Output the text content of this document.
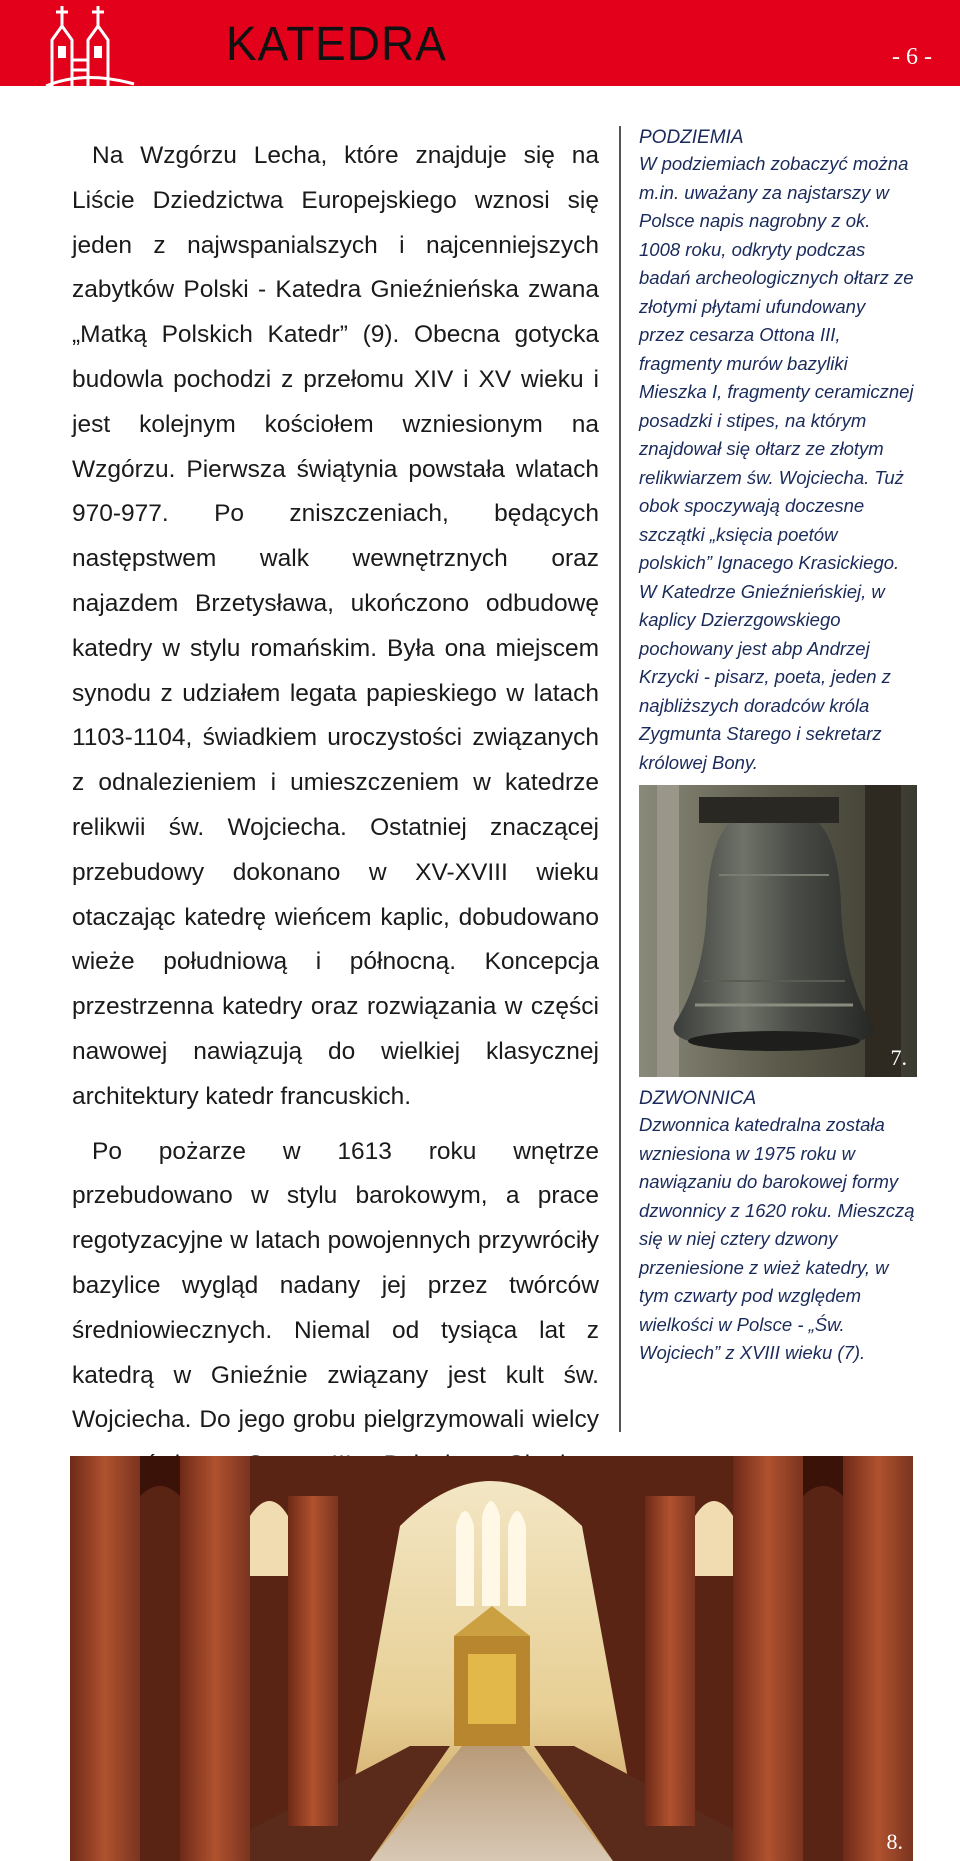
KATEDRA	- 6 -

Na Wzgórzu Lecha, które znajduje się na Liście Dziedzictwa Europejskiego wznosi się jeden z najwspanialszych i najcenniejszych zabytków Polski - Katedra Gnieźnieńska zwana „Matką Polskich Katedr” (9). Obecna gotycka budowla pochodzi z przełomu XIV i XV wieku i jest kolejnym kościołem wzniesionym na Wzgórzu. Pierwsza świątynia powstała wlatach 970-977. Po zniszczeniach, będących następstwem walk wewnętrznych oraz najazdem Brzetysława, ukończono odbudowę katedry w stylu romańskim. Była ona miejscem synodu z udziałem legata papieskiego w latach 1103-1104, świadkiem uroczystości związanych z odnalezieniem i umieszczeniem w katedrze relikwii św. Wojciecha. Ostatniej znaczącej przebudowy dokonano w XV-XVIII wieku otaczając katedrę wieńcem kaplic, dobudowano wieże południową i północną. Koncepcja przestrzenna katedry oraz rozwiązania w części nawowej nawiązują do wielkiej klasycznej architektury katedr francuskich.

Po pożarze w 1613 roku wnętrze przebudowano w stylu barokowym, a prace regotyzacyjne w latach powojennych przywróciły bazylice wygląd nadany jej przez twórców średniowiecznych. Niemal od tysiąca lat z katedrą w Gnieźnie związany jest kult św. Wojciecha. Do jego grobu pielgrzymowali wielcy

PODZIEMIA
W podziemiach zobaczyć można m.in. uważany za najstarszy w Polsce napis nagrobny z ok. 1008 roku, odkryty podczas badań archeologicznych ołtarz ze złotymi płytami ufundowany przez cesarza Ottona III, fragmenty murów bazyliki Mieszka I, fragmenty ceramicznej posadzki i stipes, na którym znajdował się ołtarz ze złotym relikwiarzem św. Wojciecha. Tuż obok spoczywają doczesne szczątki „księcia poetów polskich” Ignacego Krasickiego. W Katedrze Gnieźnieńskiej, w kaplicy Dzierzgowskiego pochowany jest abp Andrzej Krzycki - pisarz, poeta, jeden z najbliższych doradców króla Zygmunta Starego i sekretarz królowej Bony.
7.
DZWONNICA
Dzwonnica katedralna została wzniesiona w 1975 roku w nawiązaniu do barokowej formy dzwonnicy z 1620 roku. Mieszczą się w niej cztery dzwony przeniesione z wież katedry, w tym czwarty pod względem wielkości w Polsce - „Św. Wojciech” z XVIII wieku (7).
8.
